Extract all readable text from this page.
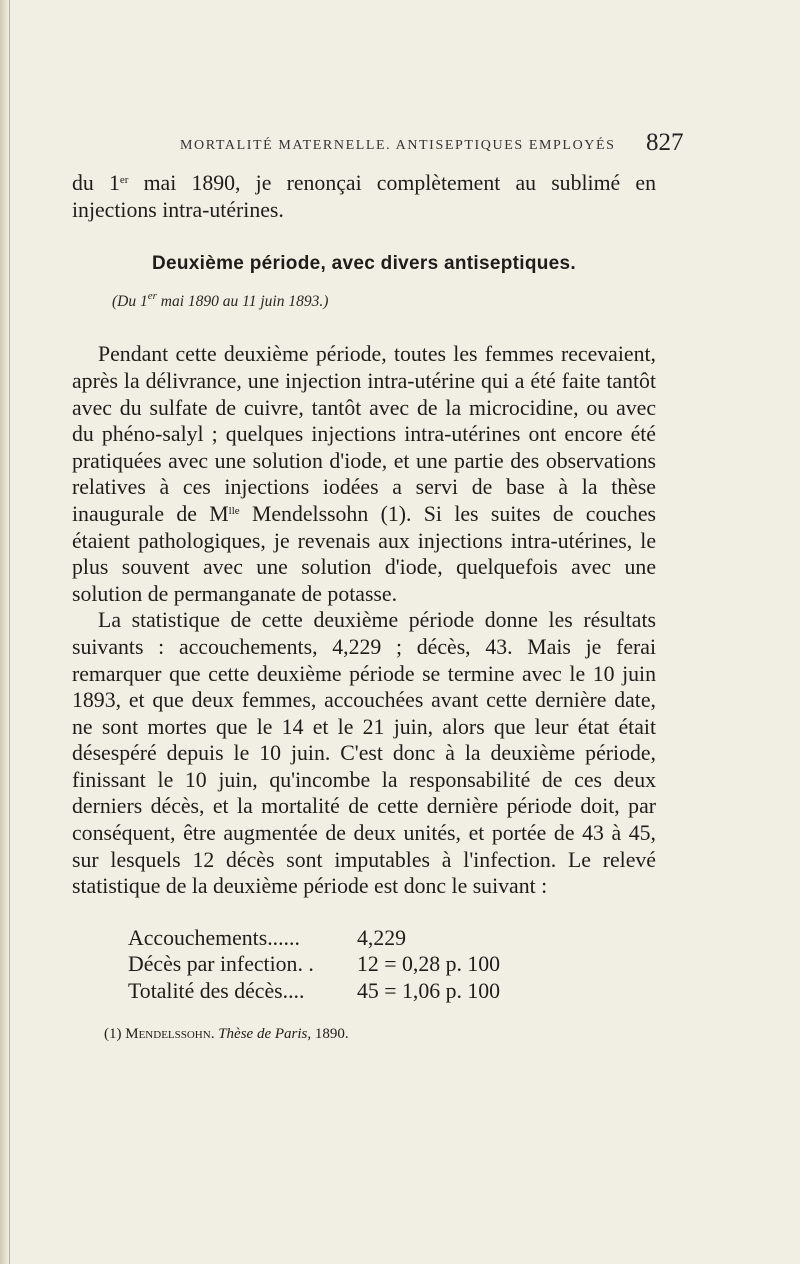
MORTALITÉ MATERNELLE. ANTISEPTIQUES EMPLOYÉS 827

du 1er mai 1890, je renonçai complètement au sublimé en injections intra-utérines.

Deuxième période, avec divers antiseptiques.
(Du 1er mai 1890 au 11 juin 1893.)

Pendant cette deuxième période, toutes les femmes recevaient, après la délivrance, une injection intra-utérine qui a été faite tantôt avec du sulfate de cuivre, tantôt avec de la microcidine, ou avec du phéno-salyl ; quelques injections intra-utérines ont encore été pratiquées avec une solution d'iode, et une partie des observations relatives à ces injections iodées a servi de base à la thèse inaugurale de $M^{lle}$ Mendelssohn (1). Si les suites de couches étaient pathologiques, je revenais aux injections intra-utérines, le plus souvent avec une solution d'iode, quelquefois avec une solution de permanganate de potasse.

La statistique de cette deuxième période donne les résultats suivants : accouchements, 4,229 ; décès, 43. Mais je ferai remarquer que cette deuxième période se termine avec le 10 juin 1893, et que deux femmes, accouchées avant cette dernière date, ne sont mortes que le 14 et le 21 juin, alors que leur état était désespéré depuis le 10 juin. C'est donc à la deuxième période, finissant le 10 juin, qu'incombe la responsabilité de ces deux derniers décès, et la mortalité de cette dernière période doit, par conséquent, être augmentée de deux unités, et portée de 43 à 45, sur lesquels 12 décès sont imputables à l'infection. Le relevé statistique de la deuxième période est donc le suivant :

Accouchements......	4,229
Décès par infection. .	12 = 0,28 p. 100
Totalité des décès....	45 = 1,06 p. 100
(1) Mendelssohn. Thèse de Paris, 1890.
